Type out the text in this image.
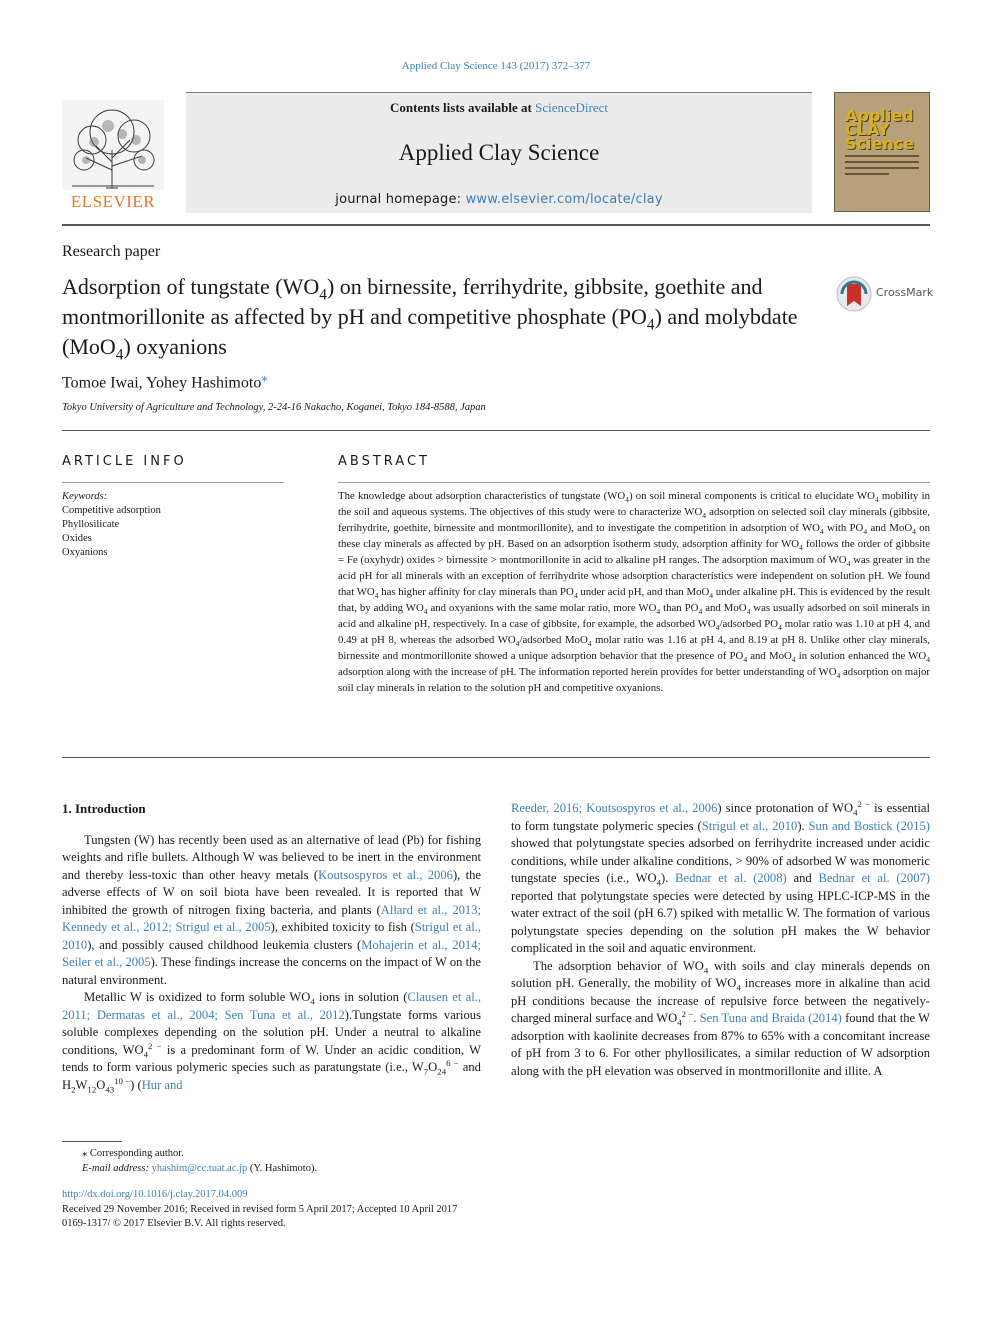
Applied Clay Science 143 (2017) 372–377
ELSEVIER
Contents lists available at ScienceDirect
Applied Clay Science
journal homepage: www.elsevier.com/locate/clay
Applied CLAY Science
Research paper
Adsorption of tungstate $(WO_4)$ on birnessite, ferrihydrite, gibbsite, goethite and montmorillonite as affected by pH and competitive phosphate $(PO_4)$ and molybdate (MoO$_4$) oxyanions
CrossMark
Tomoe Iwai, Yohey Hashimoto⁎
Tokyo University of Agriculture and Technology, 2-24-16 Nakacho, Koganei, Tokyo 184-8588, Japan
ARTICLE INFO	ABSTRACT
Keywords:
Competitive adsorption
Phyllosilicate
Oxides
Oxyanions
The knowledge about adsorption characteristics of tungstate $(WO_4)$ on soil mineral components is critical to elucidate $WO_4$ mobility in the soil and aqueous systems. The objectives of this study were to characterize $WO_4$ adsorption on selected soil clay minerals (gibbsite, ferrihydrite, goethite, birnessite and montmorillonite), and to investigate the competition in adsorption of $WO_4$ with $PO_4$ and MoO$_4$ on these clay minerals as affected by pH. Based on an adsorption isotherm study, adsorption affinity for $WO_4$ follows the order of gibbsite = Fe (oxyhydr) oxides > birnessite > montmorillonite in acid to alkaline pH ranges. The adsorption maximum of $WO_4$ was greater in the acid pH for all minerals with an exception of ferrihydrite whose adsorption characteristics were independent on solution pH. We found that $WO_4$ has higher affinity for clay minerals than $PO_4$ under acid pH, and than MoO$_4$ under alkaline pH. This is evidenced by the result that, by adding $WO_4$ and oxyanions with the same molar ratio, more $WO_4$ than $PO_4$ and MoO$_4$ was usually adsorbed on soil minerals in acid and alkaline pH, respectively. In a case of gibbsite, for example, the adsorbed $WO_4$/adsorbed $PO_4$ molar ratio was 1.10 at pH 4, and 0.49 at pH 8, whereas the adsorbed $WO_4$/adsorbed MoO$_4$ molar ratio was 1.16 at pH 4, and 8.19 at pH 8. Unlike other clay minerals, birnessite and montmorillonite showed a unique adsorption behavior that the presence of $PO_4$ and MoO$_4$ in solution enhanced the $WO_4$ adsorption along with the increase of pH. The information reported herein provides for better understanding of $WO_4$ adsorption on major soil clay minerals in relation to the solution pH and competitive oxyanions.
1. Introduction

Tungsten (W) has recently been used as an alternative of lead (Pb) for fishing weights and rifle bullets. Although W was believed to be inert in the environment and thereby less-toxic than other heavy metals (Koutsospyros et al., 2006), the adverse effects of W on soil biota have been revealed. It is reported that W inhibited the growth of nitrogen fixing bacteria, and plants (Allard et al., 2013; Kennedy et al., 2012; Strigul et al., 2005), exhibited toxicity to fish (Strigul et al., 2010), and possibly caused childhood leukemia clusters (Mohajerin et al., 2014; Seiler et al., 2005). These findings increase the concerns on the impact of W on the natural environment.

Metallic W is oxidized to form soluble $WO_4$ ions in solution (Clausen et al., 2011; Dermatas et al., 2004; Sen Tuna et al., 2012).Tungstate forms various soluble complexes depending on the solution pH. Under a neutral to alkaline conditions, $WO_4^{2 -}$ is a predominant form of W. Under an acidic condition, W tends to form various polymeric species such as paratungstate (i.e., $W_7O_{24}^{6 -}$ and $H_2W_{12}O_{43}^{10 -}$) (Hur and

Reeder, 2016; Koutsospyros et al., 2006) since protonation of $WO_4^{2 -}$ is essential to form tungstate polymeric species (Strigul et al., 2010). Sun and Bostick (2015) showed that polytungstate species adsorbed on ferrihydrite increased under acidic conditions, while under alkaline conditions, > 90% of adsorbed W was monomeric tungstate species (i.e., $WO_4$). Bednar et al. (2008) and Bednar et al. (2007) reported that polytungstate species were detected by using HPLC-ICP-MS in the water extract of the soil (pH 6.7) spiked with metallic W. The formation of various polytungstate species depending on the solution pH makes the W behavior complicated in the soil and aquatic environment.

The adsorption behavior of $WO_4$ with soils and clay minerals depends on solution pH. Generally, the mobility of $WO_4$ increases more in alkaline than acid pH conditions because the increase of repulsive force between the negatively-charged mineral surface and $WO_4^{2 -}$. Sen Tuna and Braida (2014) found that the W adsorption with kaolinite decreases from 87% to 65% with a concomitant increase of pH from 3 to 6. For other phyllosilicates, a similar reduction of W adsorption along with the pH elevation was observed in montmorillonite and illite. A

⁎ Corresponding author.
E-mail address: yhashim@cc.tuat.ac.jp (Y. Hashimoto).
http://dx.doi.org/10.1016/j.clay.2017.04.009
Received 29 November 2016; Received in revised form 5 April 2017; Accepted 10 April 2017
0169-1317/ © 2017 Elsevier B.V. All rights reserved.
